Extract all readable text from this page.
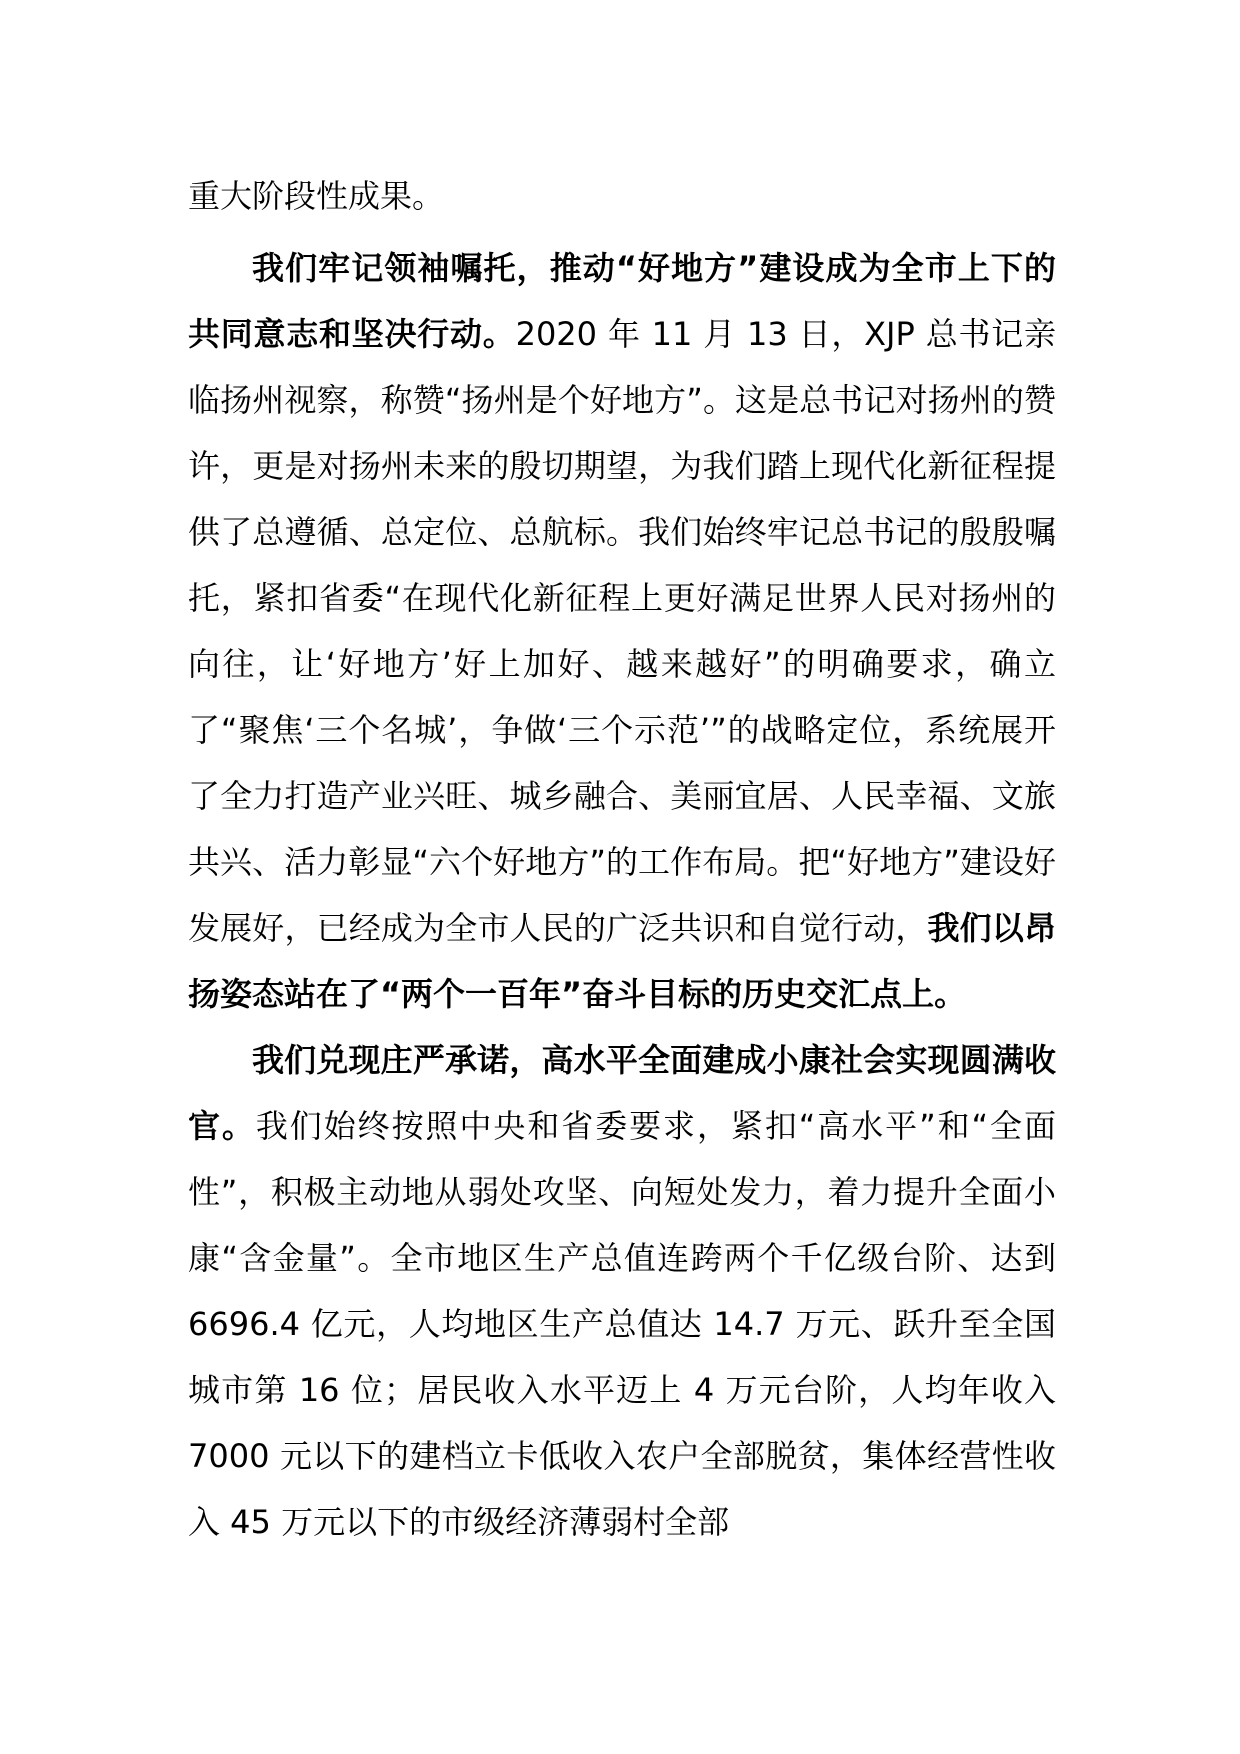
重大阶段性成果。

我们牢记领袖嘱托，推动“好地方”建设成为全市上下的共同意志和坚决行动。2020 年 11 月 13 日，XJP 总书记亲临扬州视察，称赞“扬州是个好地方”。这是总书记对扬州的赞许，更是对扬州未来的殷切期望，为我们踏上现代化新征程提供了总遵循、总定位、总航标。我们始终牢记总书记的殷殷嘱托，紧扣省委“在现代化新征程上更好满足世界人民对扬州的向往，让‘好地方’好上加好、越来越好”的明确要求，确立了“聚焦‘三个名城’，争做‘三个示范’”的战略定位，系统展开了全力打造产业兴旺、城乡融合、美丽宜居、人民幸福、文旅共兴、活力彰显“六个好地方”的工作布局。把“好地方”建设好发展好，已经成为全市人民的广泛共识和自觉行动，我们以昂扬姿态站在了“两个一百年”奋斗目标的历史交汇点上。

我们兑现庄严承诺，高水平全面建成小康社会实现圆满收官。我们始终按照中央和省委要求，紧扣“高水平”和“全面性”，积极主动地从弱处攻坚、向短处发力，着力提升全面小康“含金量”。全市地区生产总值连跨两个千亿级台阶、达到 6696.4 亿元，人均地区生产总值达 14.7 万元、跃升至全国城市第 16 位；居民收入水平迈上 4 万元台阶，人均年收入 7000 元以下的建档立卡低收入农户全部脱贫，集体经营性收入 45 万元以下的市级经济薄弱村全部
